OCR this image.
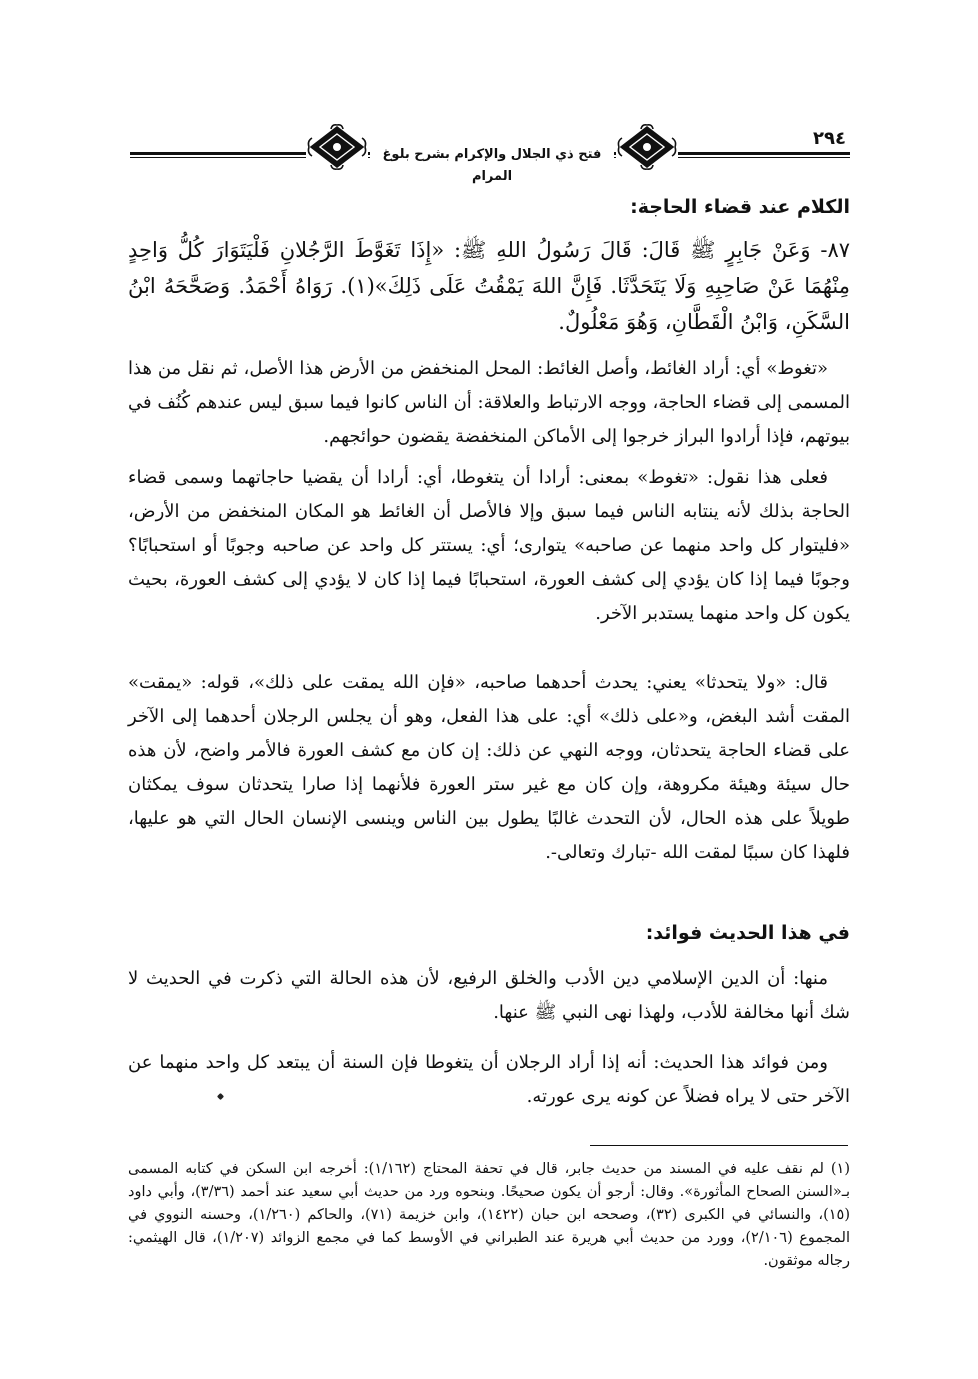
فتح ذي الجلال والإكرام بشرح بلوغ المرام
٢٩٤
الكلام عند قضاء الحاجة:
٨٧- وَعَنْ جَابِرٍ ﷺ قَالَ: قَالَ رَسُولُ اللهِ ﷺ: «إِذَا تَغَوَّطَ الرَّجُلانِ فَلْيَتَوَارَ كُلُّ وَاحِدٍ مِنْهُمَا عَنْ صَاحِبِهِ وَلَا يَتَحَدَّثَا. فَإِنَّ اللهَ يَمْقُتُ عَلَى ذَلِكَ»(١). رَوَاهُ أَحْمَدُ. وَصَحَّحَهُ ابْنُ السَّكَنِ، وَابْنُ الْقَطَّانِ، وَهُوَ مَعْلُولٌ.
«تغوط» أي: أراد الغائط، وأصل الغائط: المحل المنخفض من الأرض هذا الأصل، ثم نقل من هذا المسمى إلى قضاء الحاجة، ووجه الارتباط والعلاقة: أن الناس كانوا فيما سبق ليس عندهم كُنُف في بيوتهم، فإذا أرادوا البراز خرجوا إلى الأماكن المنخفضة يقضون حوائجهم.
فعلى هذا نقول: «تغوط» بمعنى: أرادا أن يتغوطا، أي: أرادا أن يقضيا حاجاتهما وسمى قضاء الحاجة بذلك لأنه ينتابه الناس فيما سبق وإلا فالأصل أن الغائط هو المكان المنخفض من الأرض، «فليتوار كل واحد منهما عن صاحبه» يتوارى؛ أي: يستتر كل واحد عن صاحبه وجوبًا أو استحبابًا؟ وجوبًا فيما إذا كان يؤدي إلى كشف العورة، استحبابًا فيما إذا كان لا يؤدي إلى كشف العورة، بحيث يكون كل واحد منهما يستدبر الآخر.
قال: «ولا يتحدثا» يعني: يحدث أحدهما صاحبه، «فإن الله يمقت على ذلك»، قوله: «يمقت» المقت أشد البغض، و«على ذلك» أي: على هذا الفعل، وهو أن يجلس الرجلان أحدهما إلى الآخر على قضاء الحاجة يتحدثان، ووجه النهي عن ذلك: إن كان مع كشف العورة فالأمر واضح، لأن هذه حال سيئة وهيئة مكروهة، وإن كان مع غير ستر العورة فلأنهما إذا صارا يتحدثان سوف يمكثان طويلاً على هذه الحال، لأن التحدث غالبًا يطول بين الناس وينسى الإنسان الحال التي هو عليها، فلهذا كان سببًا لمقت الله -تبارك وتعالى-.
في هذا الحديث فوائد:
منها: أن الدين الإسلامي دين الأدب والخلق الرفيع، لأن هذه الحالة التي ذكرت في الحديث لا شك أنها مخالفة للأدب، ولهذا نهى النبي ﷺ عنها.
ومن فوائد هذا الحديث: أنه إذا أراد الرجلان أن يتغوطا فإن السنة أن يبتعد كل واحد منهما عن الآخر حتى لا يراه فضلاً عن كونه يرى عورته.
(١) لم نقف عليه في المسند من حديث جابر، قال في تحفة المحتاج (١/١٦٢): أخرجه ابن السكن في كتابه المسمى بـ«السنن الصحاح المأثورة». وقال: أرجو أن يكون صحيحًا. وبنحوه ورد من حديث أبي سعيد عند أحمد (٣/٣٦)، وأبي داود (١٥)، والنسائي في الكبرى (٣٢)، وصححه ابن حبان (١٤٢٢)، وابن خزيمة (٧١)، والحاكم (١/٢٦٠)، وحسنه النووي في المجموع (٢/١٠٦)، وورد من حديث أبي هريرة عند الطبراني في الأوسط كما في مجمع الزوائد (١/٢٠٧)، قال الهيثمي: رجاله موثقون.
